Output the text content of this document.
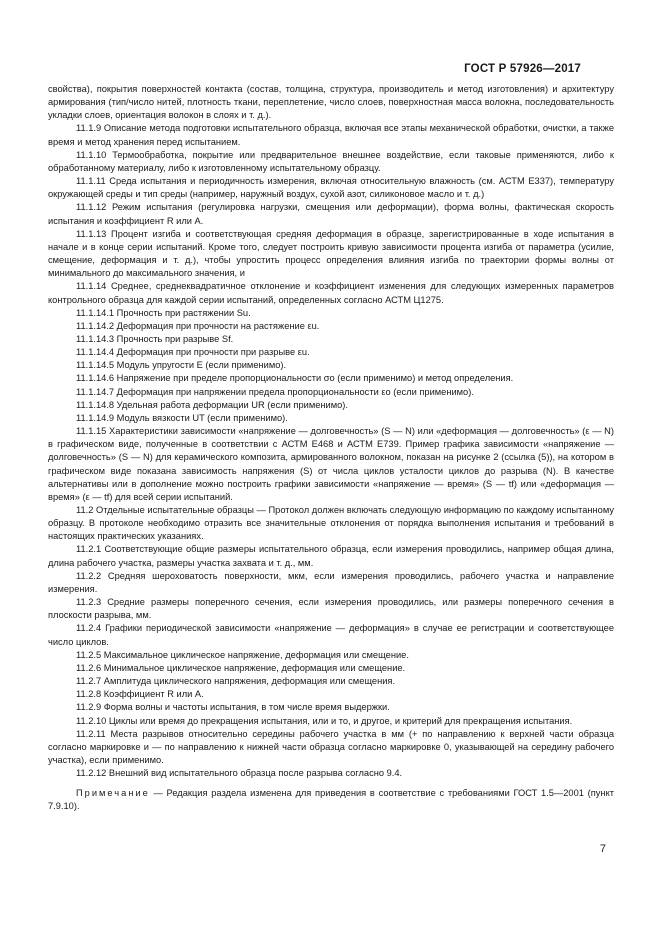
ГОСТ Р 57926—2017

свойства), покрытия поверхностей контакта (состав, толщина, структура, производитель и метод изготовления) и архитектуру армирования (тип/число нитей, плотность ткани, переплетение, число слоев, поверхностная масса волокна, последовательность укладки слоев, ориентация волокон в слоях и т. д.).

11.1.9 Описание метода подготовки испытательного образца, включая все этапы механической обработки, очистки, а также время и метод хранения перед испытанием.

11.1.10 Термообработка, покрытие или предварительное внешнее воздействие, если таковые применяются, либо к обработанному материалу, либо к изготовленному испытательному образцу.

11.1.11 Среда испытания и периодичность измерения, включая относительную влажность (см. АСТМ Е337), температуру окружающей среды и тип среды (например, наружный воздух, сухой азот, силиконовое масло и т. д.)

11.1.12 Режим испытания (регулировка нагрузки, смещения или деформации), форма волны, фактическая скорость испытания и коэффициент R или A.

11.1.13 Процент изгиба и соответствующая средняя деформация в образце, зарегистрированные в ходе испытания в начале и в конце серии испытаний. Кроме того, следует построить кривую зависимости процента изгиба от параметра (усилие, смещение, деформация и т. д.), чтобы упростить процесс определения влияния изгиба по траектории формы волны от минимального до максимального значения, и

11.1.14 Среднее, среднеквадратичное отклонение и коэффициент изменения для следующих измеренных параметров контрольного образца для каждой серии испытаний, определенных согласно АСТМ Ц1275.

11.1.14.1 Прочность при растяжении Su.

11.1.14.2 Деформация при прочности на растяжение εu.

11.1.14.3 Прочность при разрыве Sf.

11.1.14.4 Деформация при прочности при разрыве εu.

11.1.14.5 Модуль упругости E (если применимо).

11.1.14.6 Напряжение при пределе пропорциональности σo (если применимо) и метод определения.

11.1.14.7 Деформация при напряжении предела пропорциональности εo (если применимо).

11.1.14.8 Удельная работа деформации UR (если применимо).

11.1.14.9 Модуль вязкости UT (если применимо).

11.1.15 Характеристики зависимости «напряжение — долговечность» (S — N) или «деформация — долговечность» (ε — N) в графическом виде, полученные в соответствии с АСТМ Е468 и АСТМ Е739. Пример графика зависимости «напряжение — долговечность» (S — N) для керамического композита, армированного волокном, показан на рисунке 2 (ссылка (5)), на котором в графическом виде показана зависимость напряжения (S) от числа циклов усталости циклов до разрыва (N). В качестве альтернативы или в дополнение можно построить графики зависимости «напряжение — время» (S — tf) или «деформация — время» (ε — tf) для всей серии испытаний.

11.2 Отдельные испытательные образцы — Протокол должен включать следующую информацию по каждому испытанному образцу. В протоколе необходимо отразить все значительные отклонения от порядка выполнения испытания и требований в настоящих практических указаниях.

11.2.1 Соответствующие общие размеры испытательного образца, если измерения проводились, например общая длина, длина рабочего участка, размеры участка захвата и т. д., мм.

11.2.2 Средняя шероховатость поверхности, мкм, если измерения проводились, рабочего участка и направление измерения.

11.2.3 Средние размеры поперечного сечения, если измерения проводились, или размеры поперечного сечения в плоскости разрыва, мм.

11.2.4 Графики периодической зависимости «напряжение — деформация» в случае ее регистрации и соответствующее число циклов.

11.2.5 Максимальное циклическое напряжение, деформация или смещение.

11.2.6 Минимальное циклическое напряжение, деформация или смещение.

11.2.7 Амплитуда циклического напряжения, деформация или смещения.

11.2.8 Коэффициент R или A.

11.2.9 Форма волны и частоты испытания, в том числе время выдержки.

11.2.10 Циклы или время до прекращения испытания, или и то, и другое, и критерий для прекращения испытания.

11.2.11 Места разрывов относительно середины рабочего участка в мм (+ по направлению к верхней части образца согласно маркировке и — по направлению к нижней части образца согласно маркировке 0, указывающей на середину рабочего участка), если применимо.

11.2.12 Внешний вид испытательного образца после разрыва согласно 9.4.

Примечание — Редакция раздела изменена для приведения в соответствие с требованиями ГОСТ 1.5—2001 (пункт 7.9.10).

7
